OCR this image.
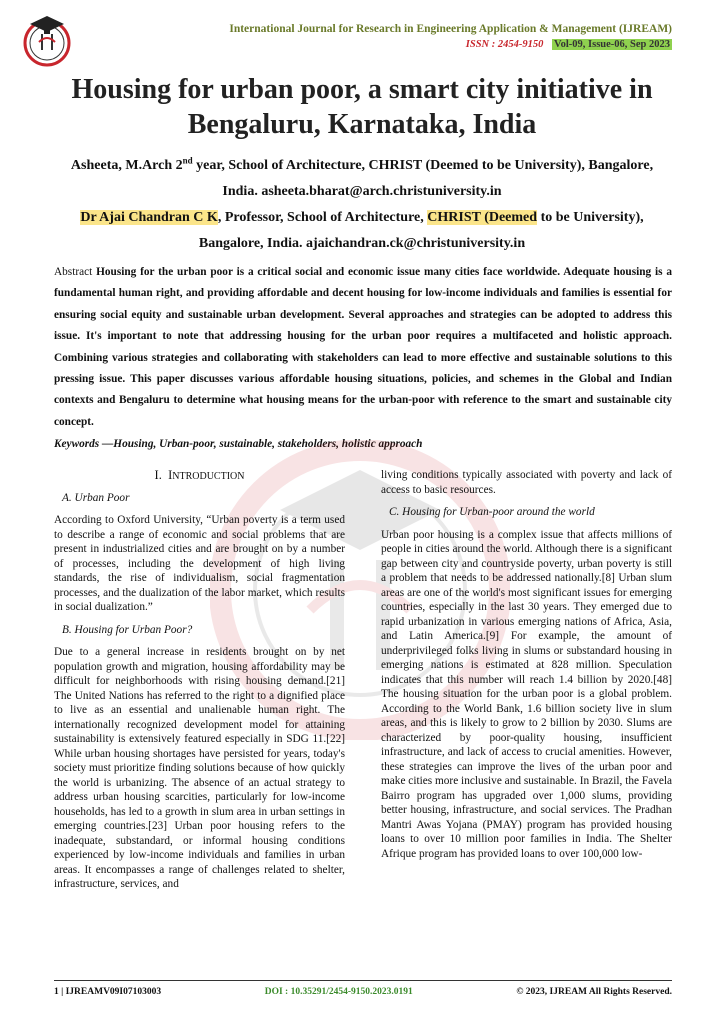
International Journal for Research in Engineering Application & Management (IJREAM)
ISSN : 2454-9150 Vol-09, Issue-06, Sep 2023
Housing for urban poor, a smart city initiative in Bengaluru, Karnataka, India
Asheeta, M.Arch 2nd year, School of Architecture, CHRIST (Deemed to be University), Bangalore,
India. asheeta.bharat@arch.christuniversity.in
Dr Ajai Chandran C K, Professor, School of Architecture, CHRIST (Deemed to be University),
Bangalore, India. ajaichandran.ck@christuniversity.in

Abstract Housing for the urban poor is a critical social and economic issue many cities face worldwide. Adequate housing is a fundamental human right, and providing affordable and decent housing for low-income individuals and families is essential for ensuring social equity and sustainable urban development. Several approaches and strategies can be adopted to address this issue. It's important to note that addressing housing for the urban poor requires a multifaceted and holistic approach. Combining various strategies and collaborating with stakeholders can lead to more effective and sustainable solutions to this pressing issue. This paper discusses various affordable housing situations, policies, and schemes in the Global and Indian contexts and Bengaluru to determine what housing means for the urban-poor with reference to the smart and sustainable city concept.

Keywords —Housing, Urban-poor, sustainable, stakeholders, holistic approach
I. INTRODUCTION
A. Urban Poor

According to Oxford University, “Urban poverty is a term used to describe a range of economic and social problems that are present in industrialized cities and are brought on by a number of processes, including the development of high living standards, the rise of individualism, social fragmentation processes, and the dualization of the labor market, which results in social dualization.”

B. Housing for Urban Poor?

Due to a general increase in residents brought on by net population growth and migration, housing affordability may be difficult for neighborhoods with rising housing demand.[21] The United Nations has referred to the right to a dignified place to live as an essential and unalienable human right. The internationally recognized development model for attaining sustainability is extensively featured especially in SDG 11.[22] While urban housing shortages have persisted for years, today's society must prioritize finding solutions because of how quickly the world is urbanizing. The absence of an actual strategy to address urban housing scarcities, particularly for low-income households, has led to a growth in slum area in urban settings in emerging countries.[23] Urban poor housing refers to the inadequate, substandard, or informal housing conditions experienced by low-income individuals and families in urban areas. It encompasses a range of challenges related to shelter, infrastructure, services, and

living conditions typically associated with poverty and lack of access to basic resources.

C. Housing for Urban-poor around the world

Urban poor housing is a complex issue that affects millions of people in cities around the world. Although there is a significant gap between city and countryside poverty, urban poverty is still a problem that needs to be addressed nationally.[8] Urban slum areas are one of the world's most significant issues for emerging countries, especially in the last 30 years. They emerged due to rapid urbanization in various emerging nations of Africa, Asia, and Latin America.[9] For example, the amount of underprivileged folks living in slums or substandard housing in emerging nations is estimated at 828 million. Speculation indicates that this number will reach 1.4 billion by 2020.[48] The housing situation for the urban poor is a global problem. According to the World Bank, 1.6 billion society live in slum areas, and this is likely to grow to 2 billion by 2030. Slums are characterized by poor-quality housing, insufficient infrastructure, and lack of access to crucial amenities. However, these strategies can improve the lives of the urban poor and make cities more inclusive and sustainable. In Brazil, the Favela Bairro program has upgraded over 1,000 slums, providing better housing, infrastructure, and social services. The Pradhan Mantri Awas Yojana (PMAY) program has provided housing loans to over 10 million poor families in India. The Shelter Afrique program has provided loans to over 100,000 low-

1 | IJREAMV09I07103003	DOI : 10.35291/2454-9150.2023.0191	© 2023, IJREAM All Rights Reserved.
